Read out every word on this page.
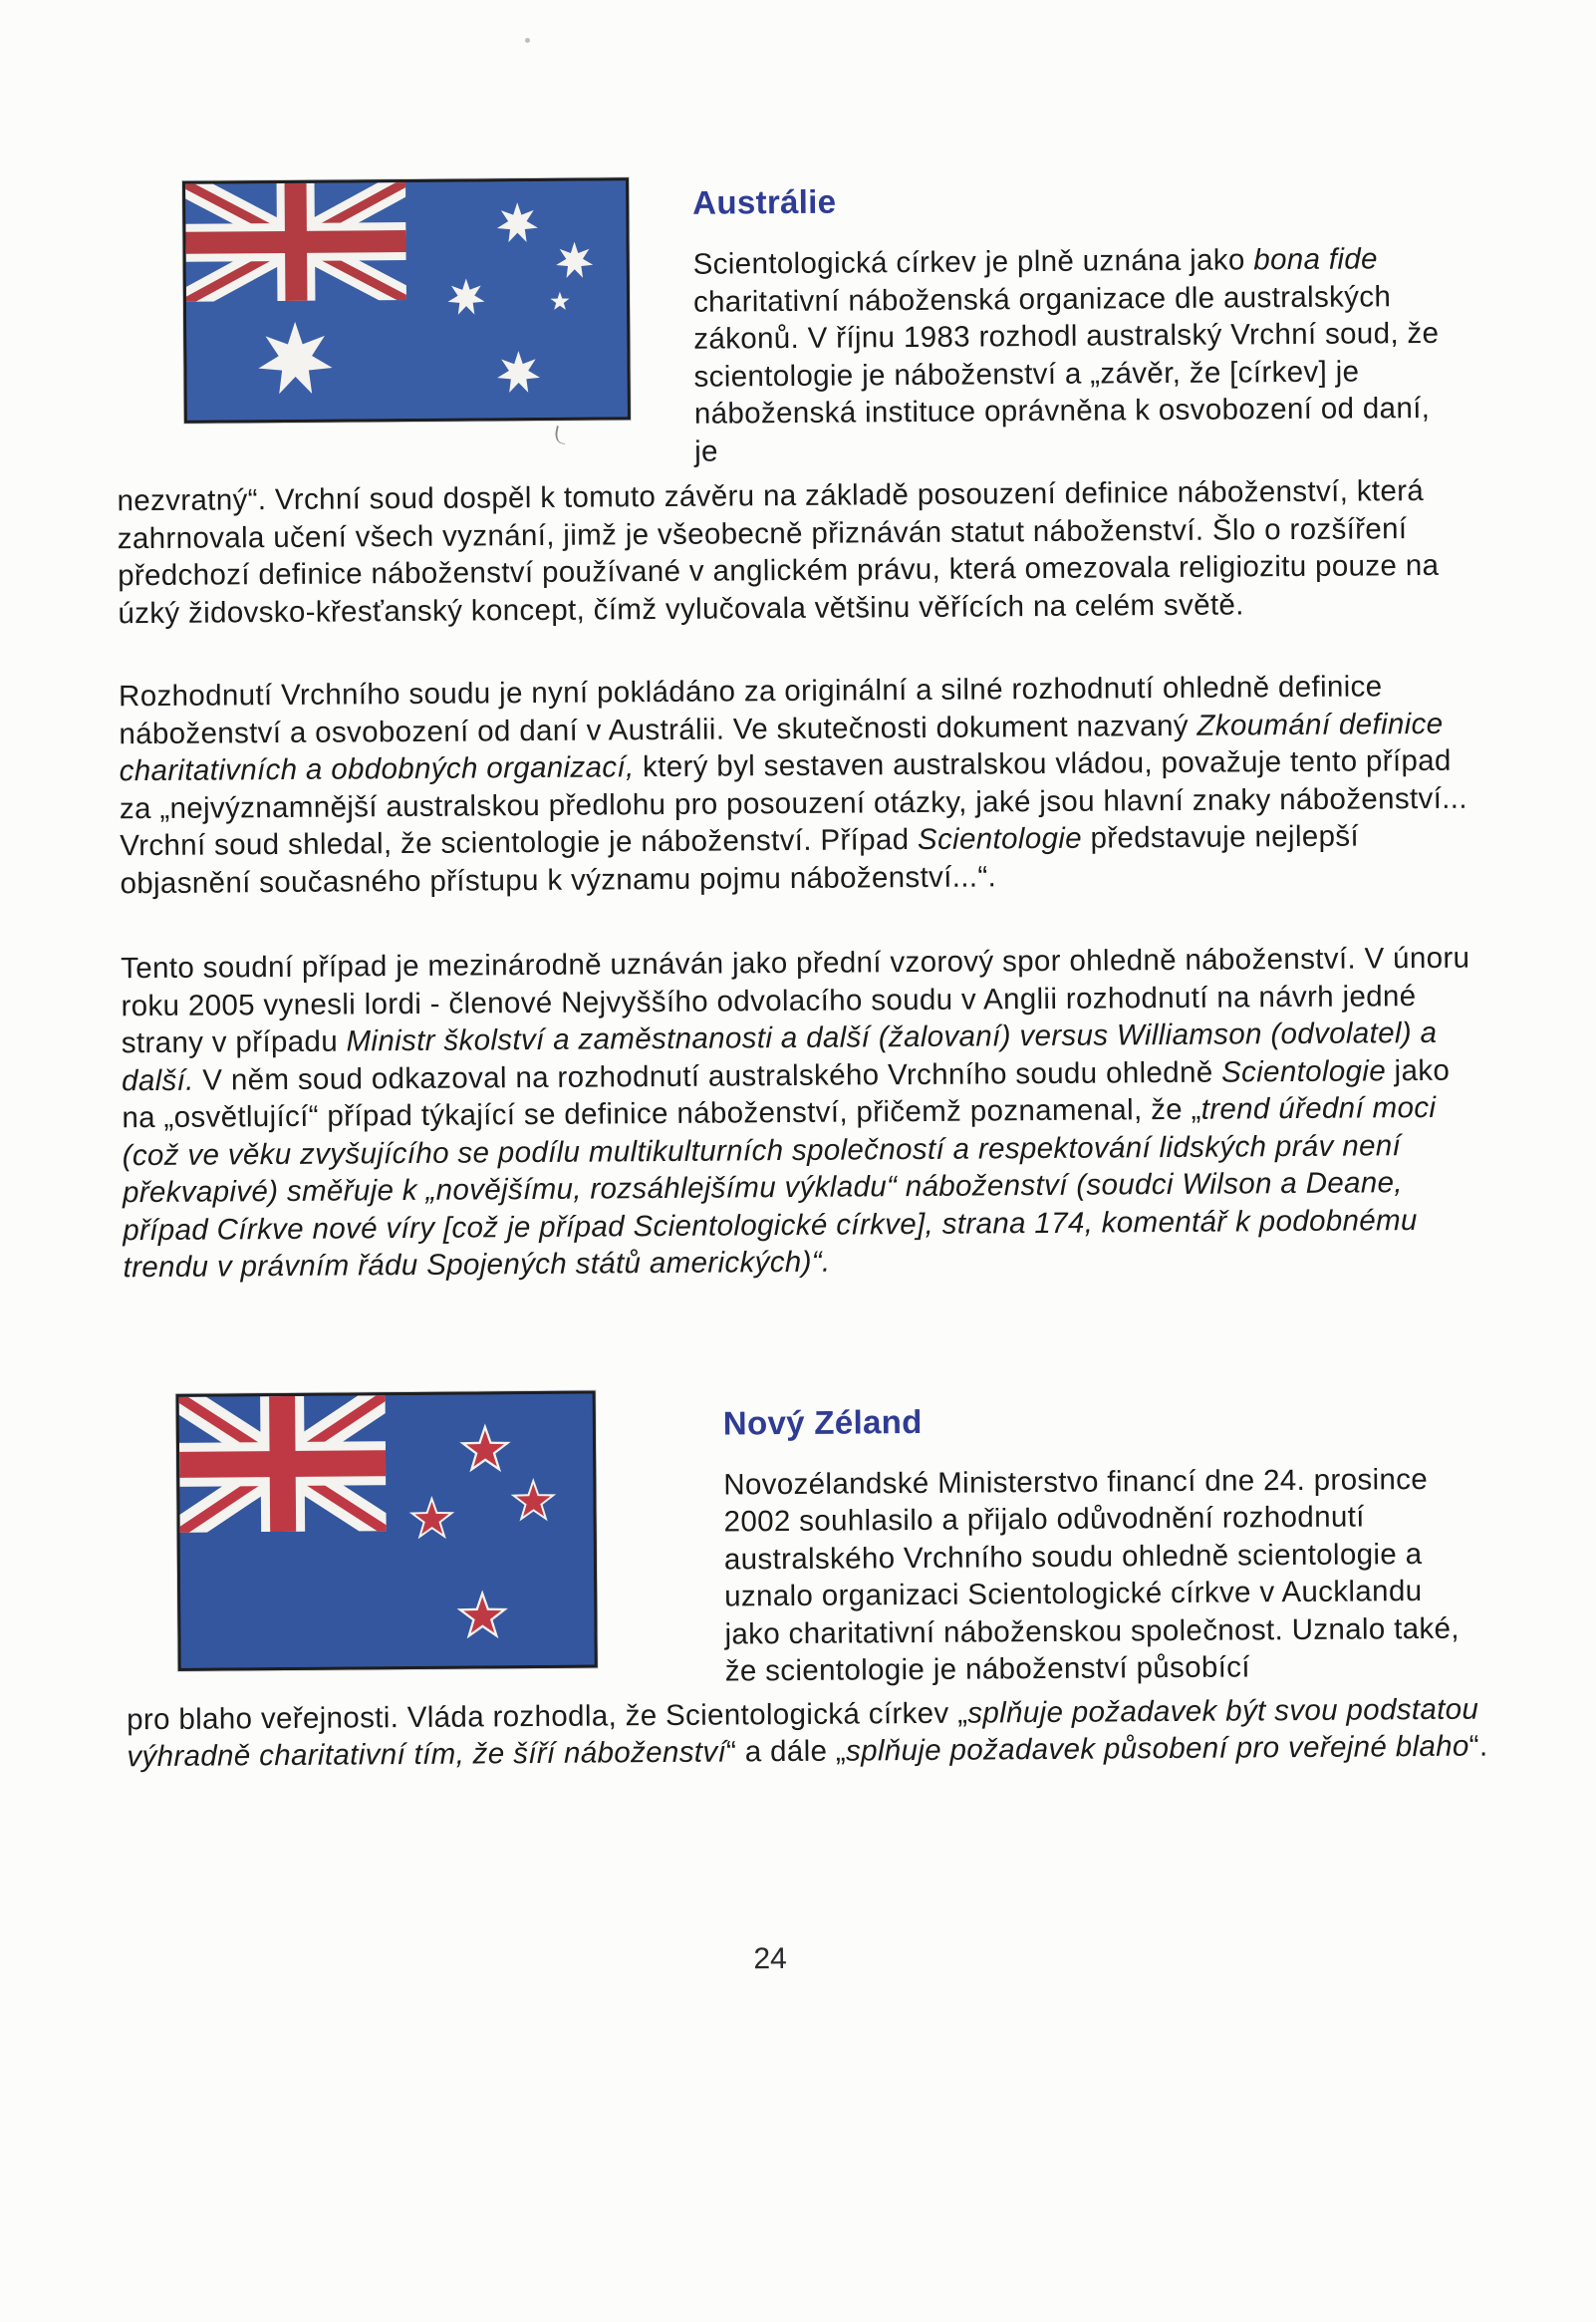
Austrálie

Scientologická církev je plně uznána jako bona fide charitativní náboženská organizace dle australských zákonů. V říjnu 1983 rozhodl australský Vrchní soud, že scientologie je náboženství a „závěr, že [církev] je náboženská instituce oprávněna k osvobození od daní, je

nezvratný“. Vrchní soud dospěl k tomuto závěru na základě posouzení definice náboženství, která zahrnovala učení všech vyznání, jimž je všeobecně přiznáván statut náboženství. Šlo o rozšíření předchozí definice náboženství používané v anglickém právu, která omezovala religiozitu pouze na úzký židovsko-křesťanský koncept, čímž vylučovala většinu věřících na celém světě.

Rozhodnutí Vrchního soudu je nyní pokládáno za originální a silné rozhodnutí ohledně definice náboženství a osvobození od daní v Austrálii. Ve skutečnosti dokument nazvaný Zkoumání definice charitativních a obdobných organizací, který byl sestaven australskou vládou, považuje tento případ za „nejvýznamnější australskou předlohu pro posouzení otázky, jaké jsou hlavní znaky náboženství... Vrchní soud shledal, že scientologie je náboženství. Případ Scientologie představuje nejlepší objasnění současného přístupu k významu pojmu náboženství...“.

Tento soudní případ je mezinárodně uznáván jako přední vzorový spor ohledně náboženství. V únoru roku 2005 vynesli lordi - členové Nejvyššího odvolacího soudu v Anglii rozhodnutí na návrh jedné strany v případu Ministr školství a zaměstnanosti a další (žalovaní) versus Williamson (odvolatel) a další. V něm soud odkazoval na rozhodnutí australského Vrchního soudu ohledně Scientologie jako na „osvětlující“ případ týkající se definice náboženství, přičemž poznamenal, že „trend úřední moci (což ve věku zvyšujícího se podílu multikulturních společností a respektování lidských práv není překvapivé) směřuje k „novějšímu, rozsáhlejšímu výkladu“ náboženství (soudci Wilson a Deane, případ Církve nové víry [což je případ Scientologické církve], strana 174, komentář k podobnému trendu v právním řádu Spojených států amerických)“.

Nový Zéland

Novozélandské Ministerstvo financí dne 24. prosince 2002 souhlasilo a přijalo odůvodnění rozhodnutí australského Vrchního soudu ohledně scientologie a uznalo organizaci Scientologické církve v Aucklandu jako charitativní náboženskou společnost. Uznalo také, že scientologie je náboženství působící

pro blaho veřejnosti. Vláda rozhodla, že Scientologická církev „splňuje požadavek být svou podstatou výhradně charitativní tím, že šíří náboženství“ a dále „splňuje požadavek působení pro veřejné blaho“.

24
